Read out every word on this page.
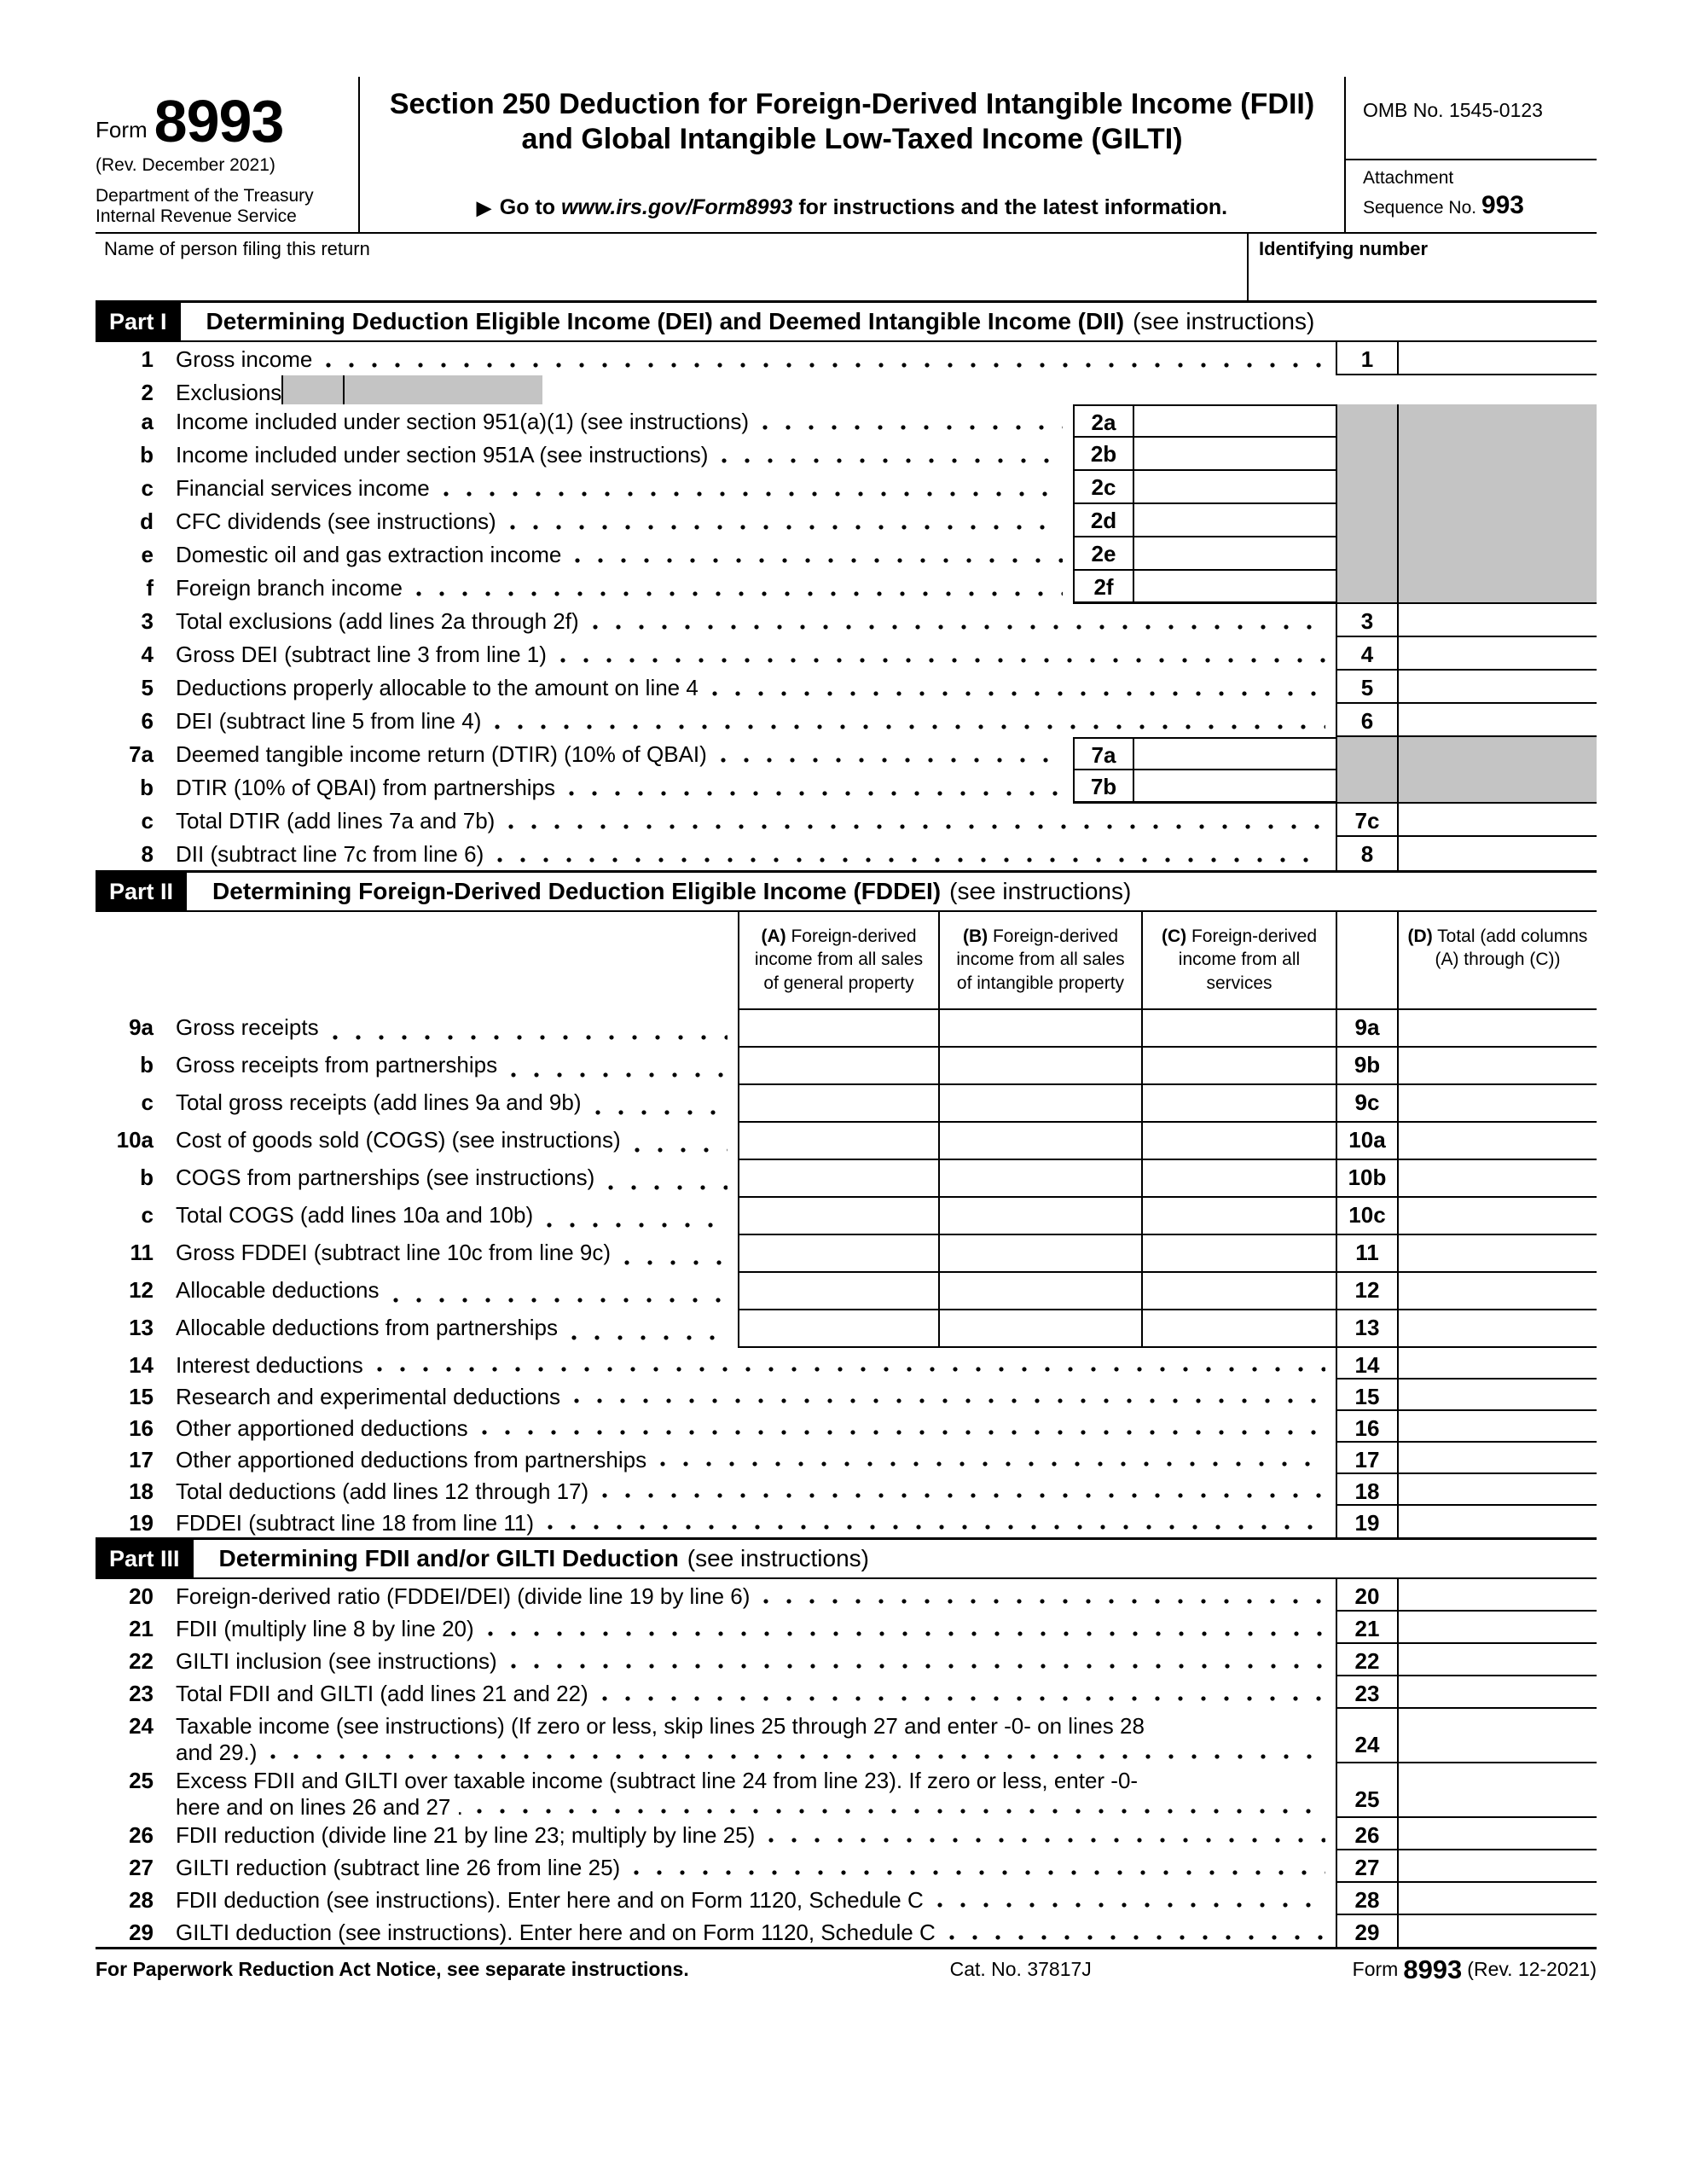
Form 8993
(Rev. December 2021)
Department of the Treasury
Internal Revenue Service
Section 250 Deduction for Foreign-Derived Intangible Income (FDII)
and Global Intangible Low-Taxed Income (GILTI)
▶ Go to www.irs.gov/Form8993 for instructions and the latest information.
OMB No. 1545-0123
Attachment
Sequence No. 993
Name of person filing this return	Identifying number
Part I	Determining Deduction Eligible Income (DEI) and Deemed Intangible Income (DII) (see instructions)
1 Gross income	1
2 Exclusions
a Income included under section 951(a)(1) (see instructions)	2a
b Income included under section 951A (see instructions)	2b
c Financial services income	2c
d CFC dividends (see instructions)	2d
e Domestic oil and gas extraction income	2e
f Foreign branch income	2f
3 Total exclusions (add lines 2a through 2f)	3
4 Gross DEI (subtract line 3 from line 1)	4
5 Deductions properly allocable to the amount on line 4	5
6 DEI (subtract line 5 from line 4)	6
7a Deemed tangible income return (DTIR) (10% of QBAI)	7a
b DTIR (10% of QBAI) from partnerships	7b
c Total DTIR (add lines 7a and 7b)	7c
8 DII (subtract line 7c from line 6)	8
Part II	Determining Foreign-Derived Deduction Eligible Income (FDDEI) (see instructions)
(A) Foreign-derived income from all sales of general property
(B) Foreign-derived income from all sales of intangible property
(C) Foreign-derived income from all services
(D) Total (add columns (A) through (C))
9a Gross receipts	9a
b Gross receipts from partnerships	9b
c Total gross receipts (add lines 9a and 9b)	9c
10a Cost of goods sold (COGS) (see instructions)	10a
b COGS from partnerships (see instructions)	10b
c Total COGS (add lines 10a and 10b)	10c
11 Gross FDDEI (subtract line 10c from line 9c)	11
12 Allocable deductions	12
13 Allocable deductions from partnerships	13
14 Interest deductions	14
15 Research and experimental deductions	15
16 Other apportioned deductions	16
17 Other apportioned deductions from partnerships	17
18 Total deductions (add lines 12 through 17)	18
19 FDDEI (subtract line 18 from line 11)	19
Part III	Determining FDII and/or GILTI Deduction (see instructions)
20 Foreign-derived ratio (FDDEI/DEI) (divide line 19 by line 6)	20
21 FDII (multiply line 8 by line 20)	21
22 GILTI inclusion (see instructions)	22
23 Total FDII and GILTI (add lines 21 and 22)	23
24 Taxable income (see instructions) (If zero or less, skip lines 25 through 27 and enter -0- on lines 28
and 29.)	24
25 Excess FDII and GILTI over taxable income (subtract line 24 from line 23). If zero or less, enter -0-
here and on lines 26 and 27 .	25
26 FDII reduction (divide line 21 by line 23; multiply by line 25)	26
27 GILTI reduction (subtract line 26 from line 25)	27
28 FDII deduction (see instructions). Enter here and on Form 1120, Schedule C	28
29 GILTI deduction (see instructions). Enter here and on Form 1120, Schedule C	29
For Paperwork Reduction Act Notice, see separate instructions.	Cat. No. 37817J	Form 8993 (Rev. 12-2021)
